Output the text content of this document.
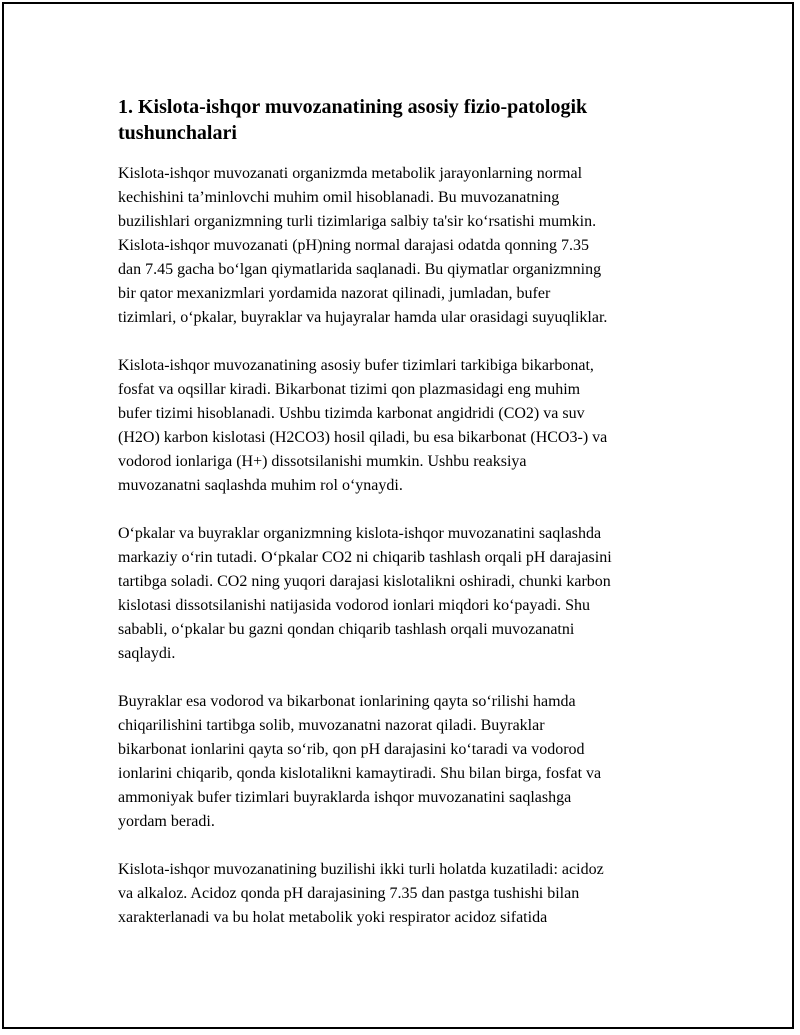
1. Kislota-ishqor muvozanatining asosiy fizio-patologik
tushunchalari

Kislota-ishqor muvozanati organizmda metabolik jarayonlarning normal
kechishini ta’minlovchi muhim omil hisoblanadi. Bu muvozanatning
buzilishlari organizmning turli tizimlariga salbiy ta'sir ko‘rsatishi mumkin.
Kislota-ishqor muvozanati (pH)ning normal darajasi odatda qonning 7.35
dan 7.45 gacha bo‘lgan qiymatlarida saqlanadi. Bu qiymatlar organizmning
bir qator mexanizmlari yordamida nazorat qilinadi, jumladan, bufer
tizimlari, o‘pkalar, buyraklar va hujayralar hamda ular orasidagi suyuqliklar.

Kislota-ishqor muvozanatining asosiy bufer tizimlari tarkibiga bikarbonat,
fosfat va oqsillar kiradi. Bikarbonat tizimi qon plazmasidagi eng muhim
bufer tizimi hisoblanadi. Ushbu tizimda karbonat angidridi (CO2) va suv
(H2O) karbon kislotasi (H2CO3) hosil qiladi, bu esa bikarbonat (HCO3-) va
vodorod ionlariga (H+) dissotsilanishi mumkin. Ushbu reaksiya
muvozanatni saqlashda muhim rol o‘ynaydi.

O‘pkalar va buyraklar organizmning kislota-ishqor muvozanatini saqlashda
markaziy o‘rin tutadi. O‘pkalar CO2 ni chiqarib tashlash orqali pH darajasini
tartibga soladi. CO2 ning yuqori darajasi kislotalikni oshiradi, chunki karbon
kislotasi dissotsilanishi natijasida vodorod ionlari miqdori ko‘payadi. Shu
sababli, o‘pkalar bu gazni qondan chiqarib tashlash orqali muvozanatni
saqlaydi.

Buyraklar esa vodorod va bikarbonat ionlarining qayta so‘rilishi hamda
chiqarilishini tartibga solib, muvozanatni nazorat qiladi. Buyraklar
bikarbonat ionlarini qayta so‘rib, qon pH darajasini ko‘taradi va vodorod
ionlarini chiqarib, qonda kislotalikni kamaytiradi. Shu bilan birga, fosfat va
ammoniyak bufer tizimlari buyraklarda ishqor muvozanatini saqlashga
yordam beradi.

Kislota-ishqor muvozanatining buzilishi ikki turli holatda kuzatiladi: acidoz
va alkaloz. Acidoz qonda pH darajasining 7.35 dan pastga tushishi bilan
xarakterlanadi va bu holat metabolik yoki respirator acidoz sifatida
